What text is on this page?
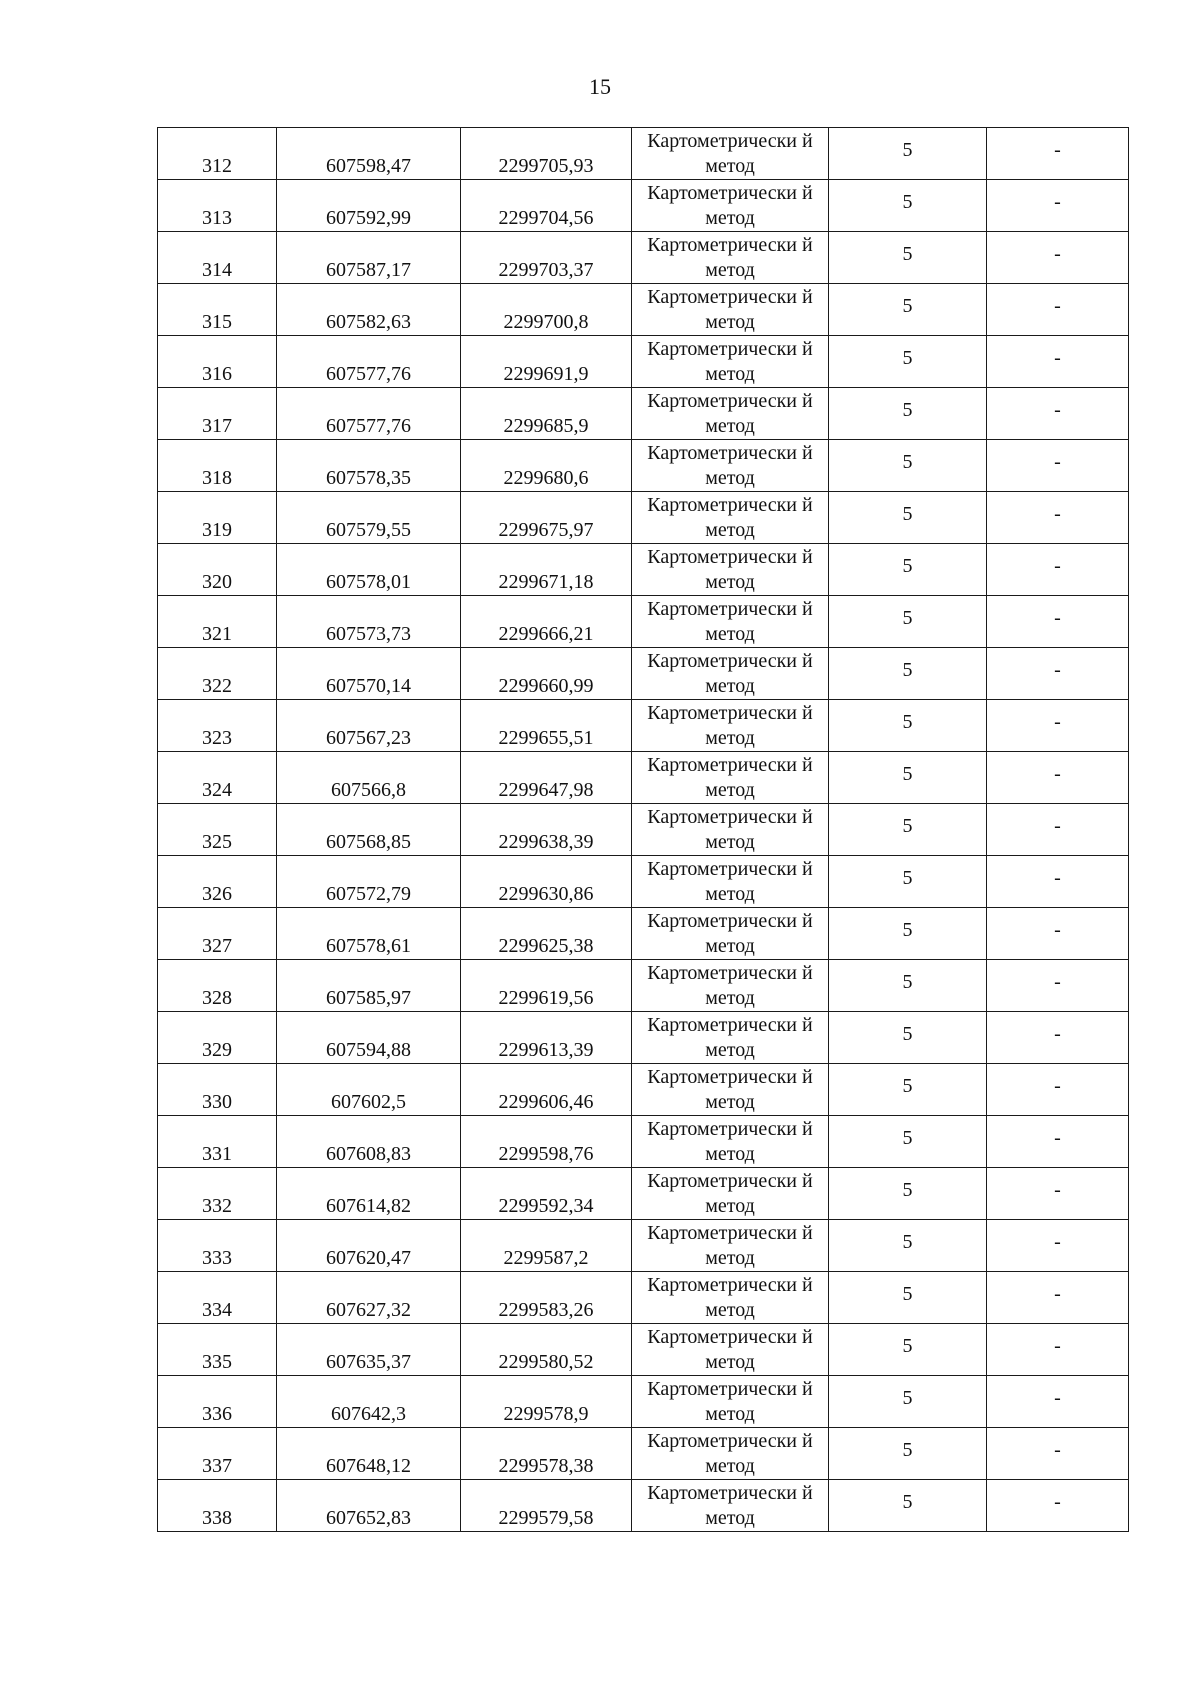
15
312	607598,47	2299705,93	Картометрически й метод	5	-

313	607592,99	2299704,56	Картометрически й метод	5	-

314	607587,17	2299703,37	Картометрически й метод	5	-

315	607582,63	2299700,8	Картометрически й метод	5	-

316	607577,76	2299691,9	Картометрически й метод	5	-

317	607577,76	2299685,9	Картометрически й метод	5	-

318	607578,35	2299680,6	Картометрически й метод	5	-

319	607579,55	2299675,97	Картометрически й метод	5	-

320	607578,01	2299671,18	Картометрически й метод	5	-

321	607573,73	2299666,21	Картометрически й метод	5	-

322	607570,14	2299660,99	Картометрически й метод	5	-

323	607567,23	2299655,51	Картометрически й метод	5	-

324	607566,8	2299647,98	Картометрически й метод	5	-

325	607568,85	2299638,39	Картометрически й метод	5	-

326	607572,79	2299630,86	Картометрически й метод	5	-

327	607578,61	2299625,38	Картометрически й метод	5	-

328	607585,97	2299619,56	Картометрически й метод	5	-

329	607594,88	2299613,39	Картометрически й метод	5	-

330	607602,5	2299606,46	Картометрически й метод	5	-

331	607608,83	2299598,76	Картометрически й метод	5	-

332	607614,82	2299592,34	Картометрически й метод	5	-

333	607620,47	2299587,2	Картометрически й метод	5	-

334	607627,32	2299583,26	Картометрически й метод	5	-

335	607635,37	2299580,52	Картометрически й метод	5	-

336	607642,3	2299578,9	Картометрически й метод	5	-

337	607648,12	2299578,38	Картометрически й метод	5	-

338	607652,83	2299579,58	Картометрически й метод	5	-
